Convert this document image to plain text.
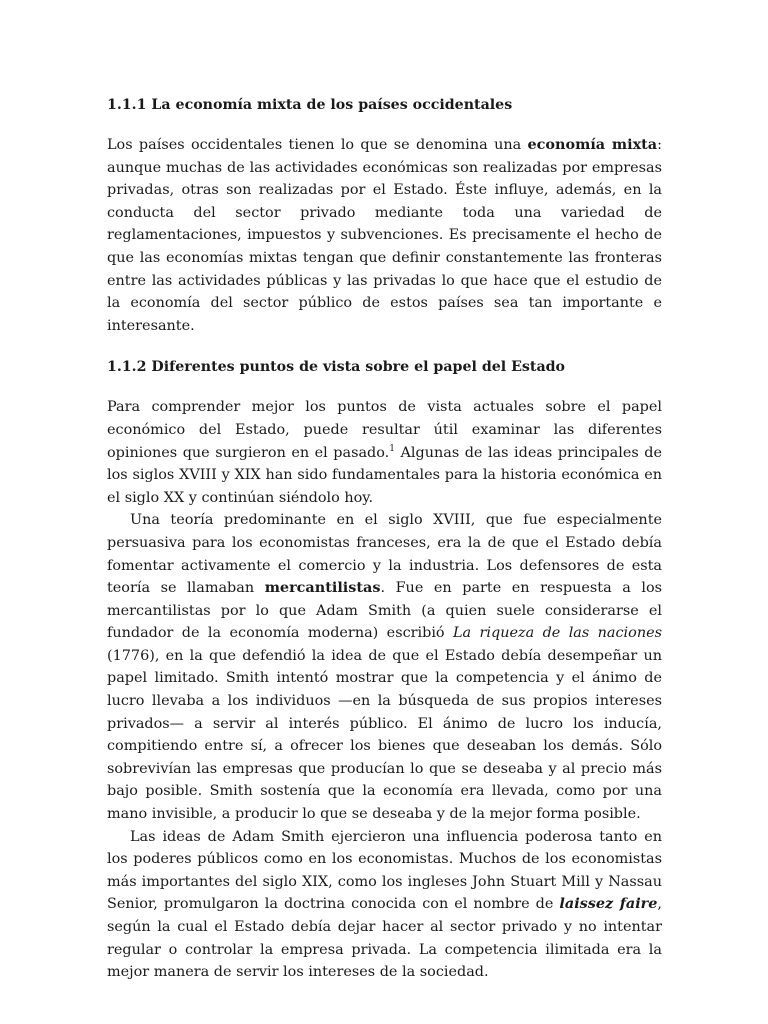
1.1.1 La economía mixta de los países occidentales

Los países occidentales tienen lo que se denomina una economía mixta: aunque muchas de las actividades económicas son realizadas por empresas privadas, otras son realizadas por el Estado. Éste influye, además, en la conducta del sector privado mediante toda una variedad de reglamentaciones, impuestos y subvenciones. Es precisamente el hecho de que las economías mixtas tengan que definir constantemente las fronteras entre las actividades públicas y las privadas lo que hace que el estudio de la economía del sector público de estos países sea tan importante e interesante.

1.1.2 Diferentes puntos de vista sobre el papel del Estado

Para comprender mejor los puntos de vista actuales sobre el papel económico del Estado, puede resultar útil examinar las diferentes opiniones que surgieron en el pasado.$^1$ Algunas de las ideas principales de los siglos XVIII y XIX han sido fundamentales para la historia económica en el siglo XX y continúan siéndolo hoy.

Una teoría predominante en el siglo XVIII, que fue especialmente persuasiva para los economistas franceses, era la de que el Estado debía fomentar activamente el comercio y la industria. Los defensores de esta teoría se llamaban mercantilistas. Fue en parte en respuesta a los mercantilistas por lo que Adam Smith (a quien suele considerarse el fundador de la economía moderna) escribió La riqueza de las naciones (1776), en la que defendió la idea de que el Estado debía desempeñar un papel limitado. Smith intentó mostrar que la competencia y el ánimo de lucro llevaba a los individuos —en la búsqueda de sus propios intereses privados— a servir al interés público. El ánimo de lucro los inducía, compitiendo entre sí, a ofrecer los bienes que deseaban los demás. Sólo sobrevivían las empresas que producían lo que se deseaba y al precio más bajo posible. Smith sostenía que la economía era llevada, como por una mano invisible, a producir lo que se deseaba y de la mejor forma posible.

Las ideas de Adam Smith ejercieron una influencia poderosa tanto en los poderes públicos como en los economistas. Muchos de los economistas más importantes del siglo XIX, como los ingleses John Stuart Mill y Nassau Senior, promulgaron la doctrina conocida con el nombre de laissez faire, según la cual el Estado debía dejar hacer al sector privado y no intentar regular o controlar la empresa privada. La competencia ilimitada era la mejor manera de servir los intereses de la sociedad.
